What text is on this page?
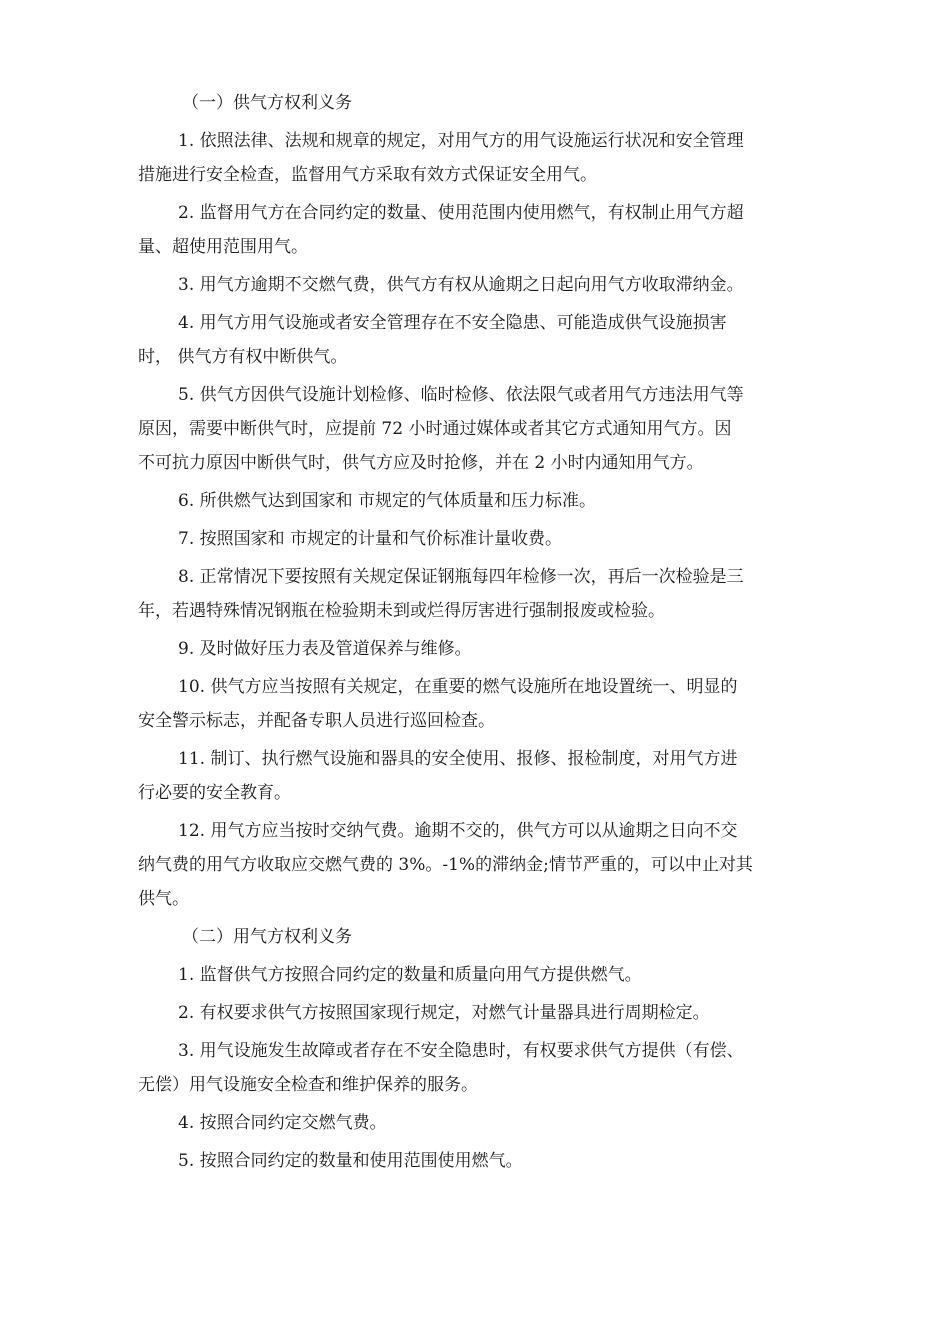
（一）供气方权利义务
1. 依照法律、法规和规章的规定，对用气方的用气设施运行状况和安全管理
措施进行安全检查，监督用气方采取有效方式保证安全用气。
2. 监督用气方在合同约定的数量、使用范围内使用燃气，有权制止用气方超
量、超使用范围用气。
3. 用气方逾期不交燃气费，供气方有权从逾期之日起向用气方收取滞纳金。
4. 用气方用气设施或者安全管理存在不安全隐患、可能造成供气设施损害
时， 供气方有权中断供气。
5. 供气方因供气设施计划检修、临时检修、依法限气或者用气方违法用气等
原因，需要中断供气时，应提前 72 小时通过媒体或者其它方式通知用气方。因
不可抗力原因中断供气时，供气方应及时抢修，并在 2 小时内通知用气方。
6. 所供燃气达到国家和 市规定的气体质量和压力标准。
7. 按照国家和 市规定的计量和气价标准计量收费。
8. 正常情况下要按照有关规定保证钢瓶每四年检修一次，再后一次检验是三
年，若遇特殊情况钢瓶在检验期未到或烂得厉害进行强制报废或检验。
9. 及时做好压力表及管道保养与维修。
10. 供气方应当按照有关规定，在重要的燃气设施所在地设置统一、明显的
安全警示标志，并配备专职人员进行巡回检查。
11. 制订、执行燃气设施和器具的安全使用、报修、报检制度，对用气方进
行必要的安全教育。
12. 用气方应当按时交纳气费。逾期不交的，供气方可以从逾期之日向不交
纳气费的用气方收取应交燃气费的 3%。-1%的滞纳金;情节严重的，可以中止对其
供气。
（二）用气方权利义务
1. 监督供气方按照合同约定的数量和质量向用气方提供燃气。
2. 有权要求供气方按照国家现行规定，对燃气计量器具进行周期检定。
3. 用气设施发生故障或者存在不安全隐患时，有权要求供气方提供（有偿、
无偿）用气设施安全检查和维护保养的服务。
4. 按照合同约定交燃气费。
5. 按照合同约定的数量和使用范围使用燃气。
